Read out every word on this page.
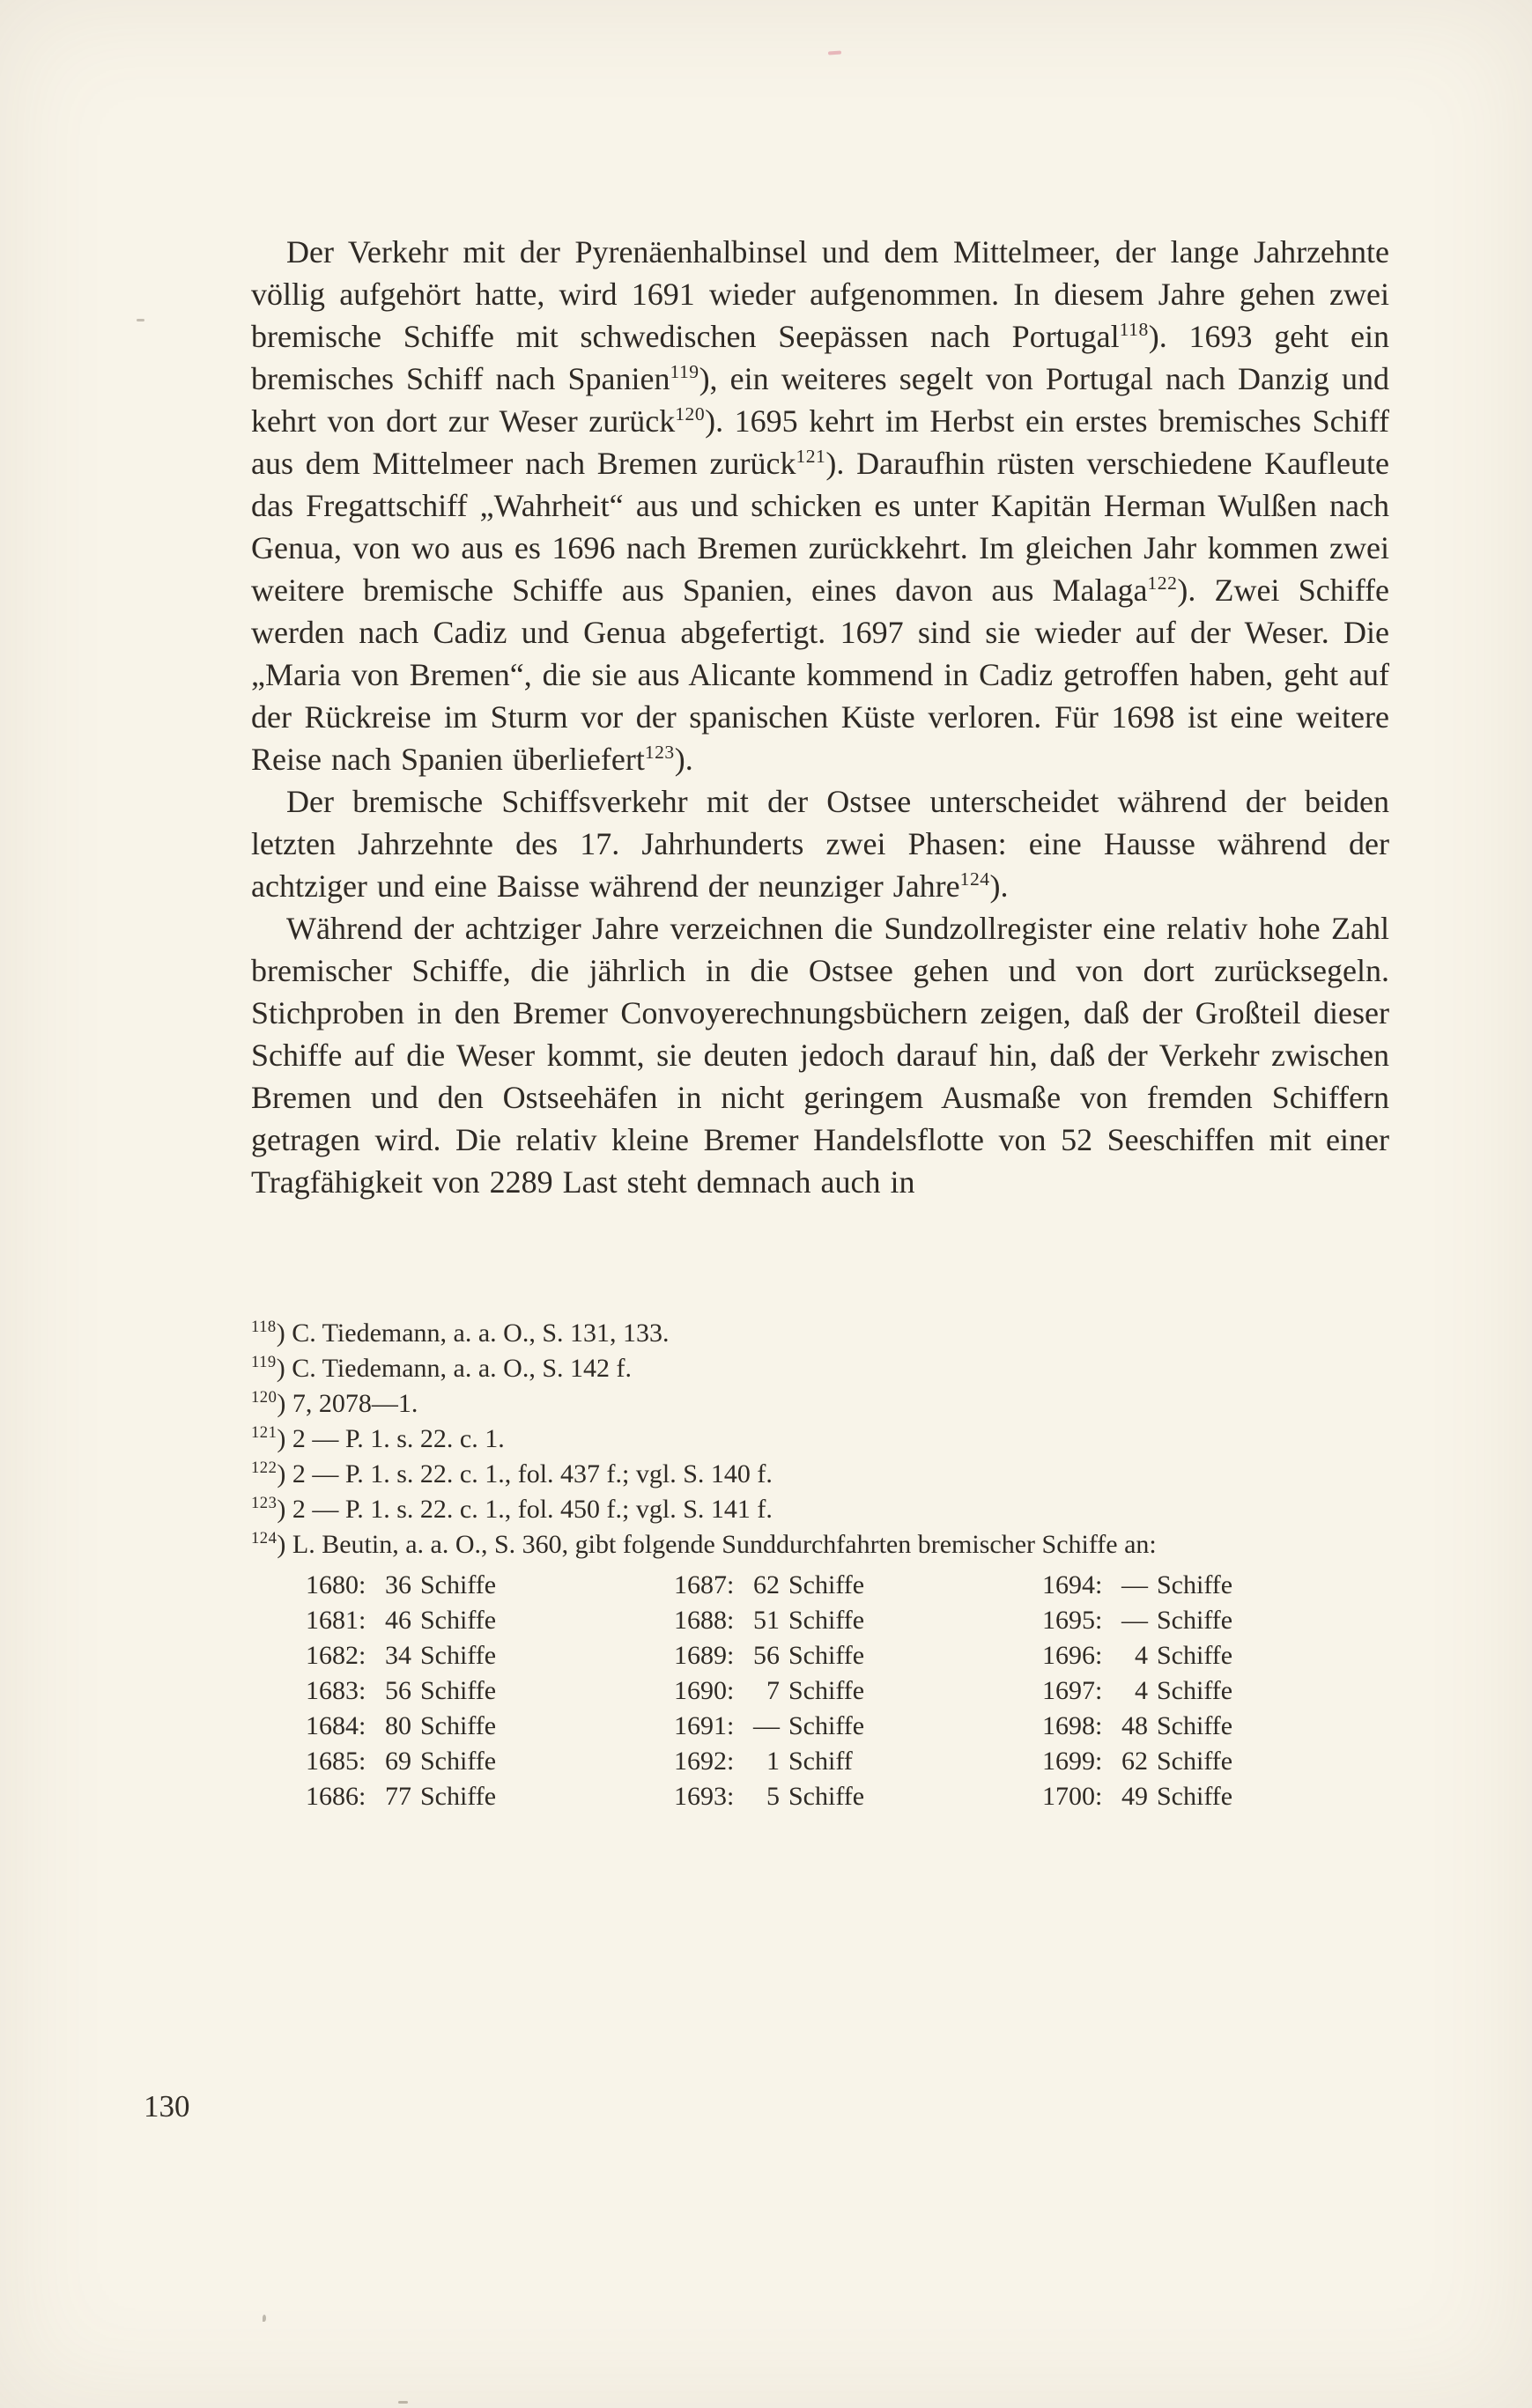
Der Verkehr mit der Pyrenäenhalbinsel und dem Mittelmeer, der lange Jahrzehnte völlig aufgehört hatte, wird 1691 wieder aufgenommen. In diesem Jahre gehen zwei bremische Schiffe mit schwedischen Seepässen nach Portugal$^{118}$). 1693 geht ein bremisches Schiff nach Spanien$^{119}$), ein weiteres segelt von Portugal nach Danzig und kehrt von dort zur Weser zurück$^{120}$). 1695 kehrt im Herbst ein erstes bremisches Schiff aus dem Mittelmeer nach Bremen zurück$^{121}$). Daraufhin rüsten verschiedene Kaufleute das Fregattschiff „Wahrheit“ aus und schicken es unter Kapitän Herman Wulßen nach Genua, von wo aus es 1696 nach Bremen zurückkehrt. Im gleichen Jahr kommen zwei weitere bremische Schiffe aus Spanien, eines davon aus Malaga$^{122}$). Zwei Schiffe werden nach Cadiz und Genua abgefertigt. 1697 sind sie wieder auf der Weser. Die „Maria von Bremen“, die sie aus Alicante kommend in Cadiz getroffen haben, geht auf der Rückreise im Sturm vor der spanischen Küste verloren. Für 1698 ist eine weitere Reise nach Spanien überliefert$^{123}$).

Der bremische Schiffsverkehr mit der Ostsee unterscheidet während der beiden letzten Jahrzehnte des 17. Jahrhunderts zwei Phasen: eine Hausse während der achtziger und eine Baisse während der neunziger Jahre$^{124}$).

Während der achtziger Jahre verzeichnen die Sundzollregister eine relativ hohe Zahl bremischer Schiffe, die jährlich in die Ostsee gehen und von dort zurücksegeln. Stichproben in den Bremer Convoyerechnungsbüchern zeigen, daß der Großteil dieser Schiffe auf die Weser kommt, sie deuten jedoch darauf hin, daß der Verkehr zwischen Bremen und den Ostseehäfen in nicht geringem Ausmaße von fremden Schiffern getragen wird. Die relativ kleine Bremer Handelsflotte von 52 Seeschiffen mit einer Tragfähigkeit von 2289 Last steht demnach auch in

$^{118}$) C. Tiedemann, a. a. O., S. 131, 133.
$^{119}$) C. Tiedemann, a. a. O., S. 142 f.
$^{120}$) 7, 2078—1.
$^{121}$) 2 — P. 1. s. 22. c. 1.
$^{122}$) 2 — P. 1. s. 22. c. 1., fol. 437 f.; vgl. S. 140 f.
$^{123}$) 2 — P. 1. s. 22. c. 1., fol. 450 f.; vgl. S. 141 f.
$^{124}$) L. Beutin, a. a. O., S. 360, gibt folgende Sunddurchfahrten bremischer Schiffe an:
1680: 36 Schiffe
1681: 46 Schiffe
1682: 34 Schiffe
1683: 56 Schiffe
1684: 80 Schiffe
1685: 69 Schiffe
1686: 77 Schiffe
1687: 62 Schiffe
1688: 51 Schiffe
1689: 56 Schiffe
1690: 7 Schiffe
1691: — Schiffe
1692: 1 Schiff
1693: 5 Schiffe
1694: — Schiffe
1695: — Schiffe
1696: 4 Schiffe
1697: 4 Schiffe
1698: 48 Schiffe
1699: 62 Schiffe
1700: 49 Schiffe
130
